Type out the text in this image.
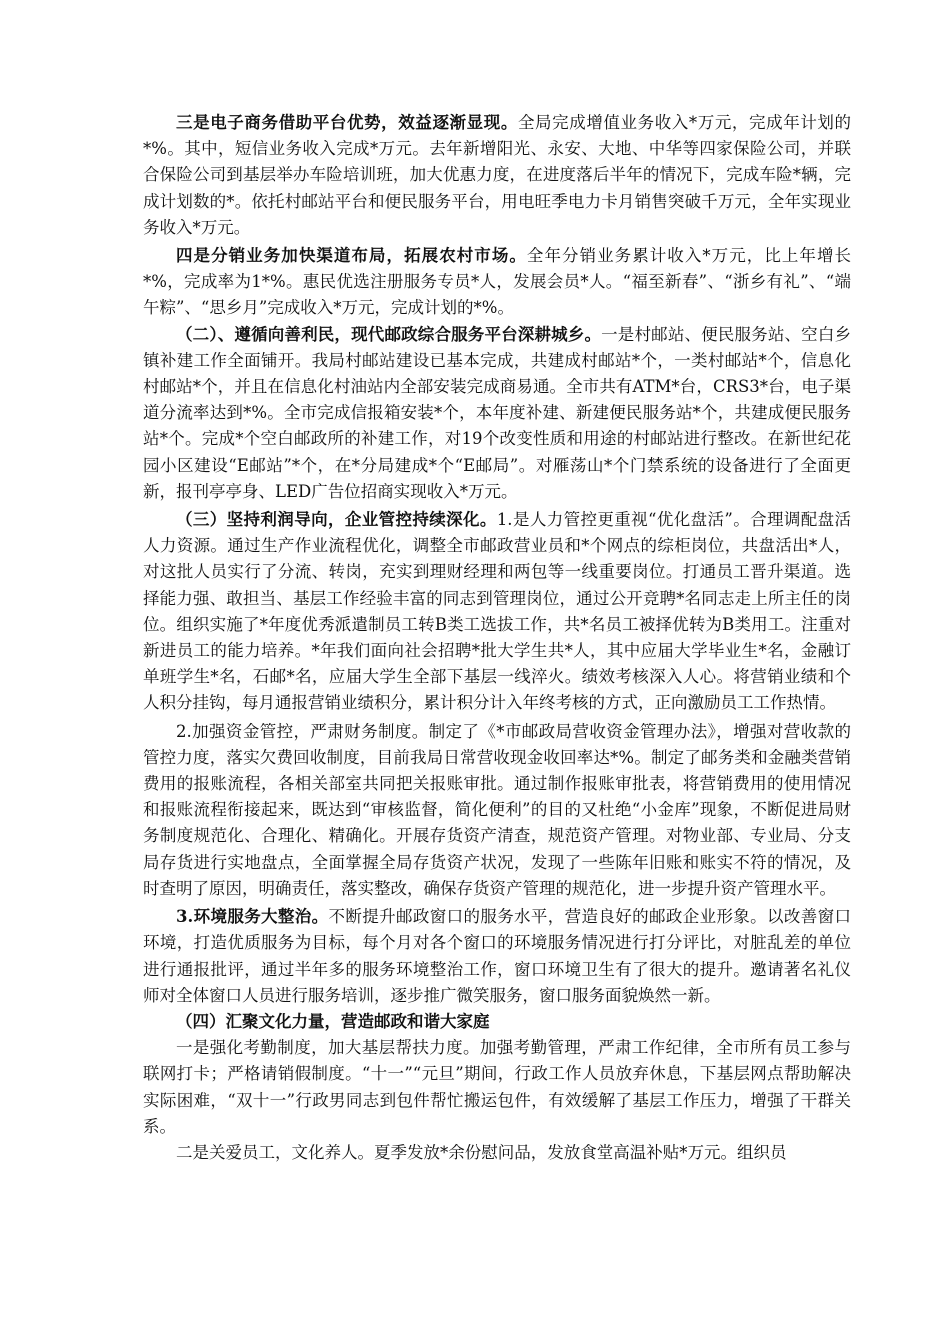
三是电子商务借助平台优势，效益逐渐显现。全局完成增值业务收入*万元，完成年计划的*%。其中，短信业务收入完成*万元。去年新增阳光、永安、大地、中华等四家保险公司，并联合保险公司到基层举办车险培训班，加大优惠力度，在进度落后半年的情况下，完成车险*辆，完成计划数的*。依托村邮站平台和便民服务平台，用电旺季电力卡月销售突破千万元，全年实现业务收入*万元。

四是分销业务加快渠道布局，拓展农村市场。全年分销业务累计收入*万元，比上年增长*%，完成率为1*%。惠民优选注册服务专员*人，发展会员*人。“福至新春”、“浙乡有礼”、“端午粽”、“思乡月”完成收入*万元，完成计划的*%。

（二）、遵循向善利民，现代邮政综合服务平台深耕城乡。一是村邮站、便民服务站、空白乡镇补建工作全面铺开。我局村邮站建设已基本完成，共建成村邮站*个，一类村邮站*个，信息化村邮站*个，并且在信息化村油站内全部安装完成商易通。全市共有ATM*台，CRS3*台，电子渠道分流率达到*%。全市完成信报箱安装*个，本年度补建、新建便民服务站*个，共建成便民服务站*个。完成*个空白邮政所的补建工作，对19个改变性质和用途的村邮站进行整改。在新世纪花园小区建设“E邮站”*个，在*分局建成*个“E邮局”。对雁荡山*个门禁系统的设备进行了全面更新，报刊亭亭身、LED广告位招商实现收入*万元。

（三）坚持利润导向，企业管控持续深化。1.是人力管控更重视“优化盘活”。合理调配盘活人力资源。通过生产作业流程优化，调整全市邮政营业员和*个网点的综柜岗位，共盘活出*人，对这批人员实行了分流、转岗，充实到理财经理和两包等一线重要岗位。打通员工晋升渠道。选择能力强、敢担当、基层工作经验丰富的同志到管理岗位，通过公开竞聘*名同志走上所主任的岗位。组织实施了*年度优秀派遣制员工转B类工选拔工作，共*名员工被择优转为B类用工。注重对新进员工的能力培养。*年我们面向社会招聘*批大学生共*人，其中应届大学毕业生*名，金融订单班学生*名，石邮*名，应届大学生全部下基层一线淬火。绩效考核深入人心。将营销业绩和个人积分挂钩，每月通报营销业绩积分，累计积分计入年终考核的方式，正向激励员工工作热情。

2.加强资金管控，严肃财务制度。制定了《*市邮政局营收资金管理办法》，增强对营收款的管控力度，落实欠费回收制度，目前我局日常营收现金收回率达*%。制定了邮务类和金融类营销费用的报账流程，各相关部室共同把关报账审批。通过制作报账审批表，将营销费用的使用情况和报账流程衔接起来，既达到“审核监督，简化便利”的目的又杜绝“小金库”现象，不断促进局财务制度规范化、合理化、精确化。开展存货资产清查，规范资产管理。对物业部、专业局、分支局存货进行实地盘点，全面掌握全局存货资产状况，发现了一些陈年旧账和账实不符的情况，及时查明了原因，明确责任，落实整改，确保存货资产管理的规范化，进一步提升资产管理水平。

3.环境服务大整治。不断提升邮政窗口的服务水平，营造良好的邮政企业形象。以改善窗口环境，打造优质服务为目标，每个月对各个窗口的环境服务情况进行打分评比，对脏乱差的单位进行通报批评，通过半年多的服务环境整治工作，窗口环境卫生有了很大的提升。邀请著名礼仪师对全体窗口人员进行服务培训，逐步推广微笑服务，窗口服务面貌焕然一新。

（四）汇聚文化力量，营造邮政和谐大家庭

一是强化考勤制度，加大基层帮扶力度。加强考勤管理，严肃工作纪律，全市所有员工参与联网打卡；严格请销假制度。“十一”“元旦”期间，行政工作人员放弃休息，下基层网点帮助解决实际困难，“双十一”行政男同志到包件帮忙搬运包件，有效缓解了基层工作压力，增强了干群关系。

二是关爱员工，文化养人。夏季发放*余份慰问品，发放食堂高温补贴*万元。组织员
